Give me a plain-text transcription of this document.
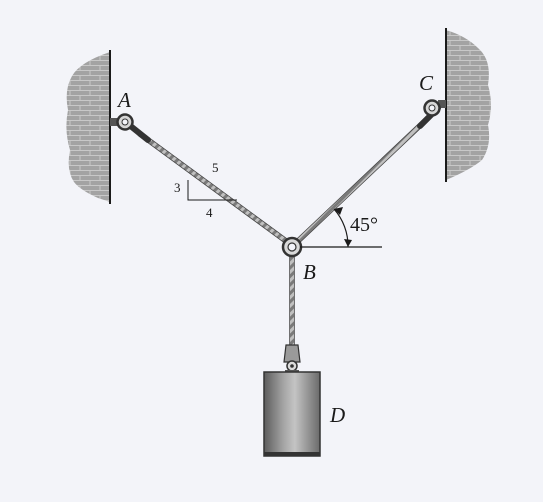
3
4
5
45°
A
B
C
D
